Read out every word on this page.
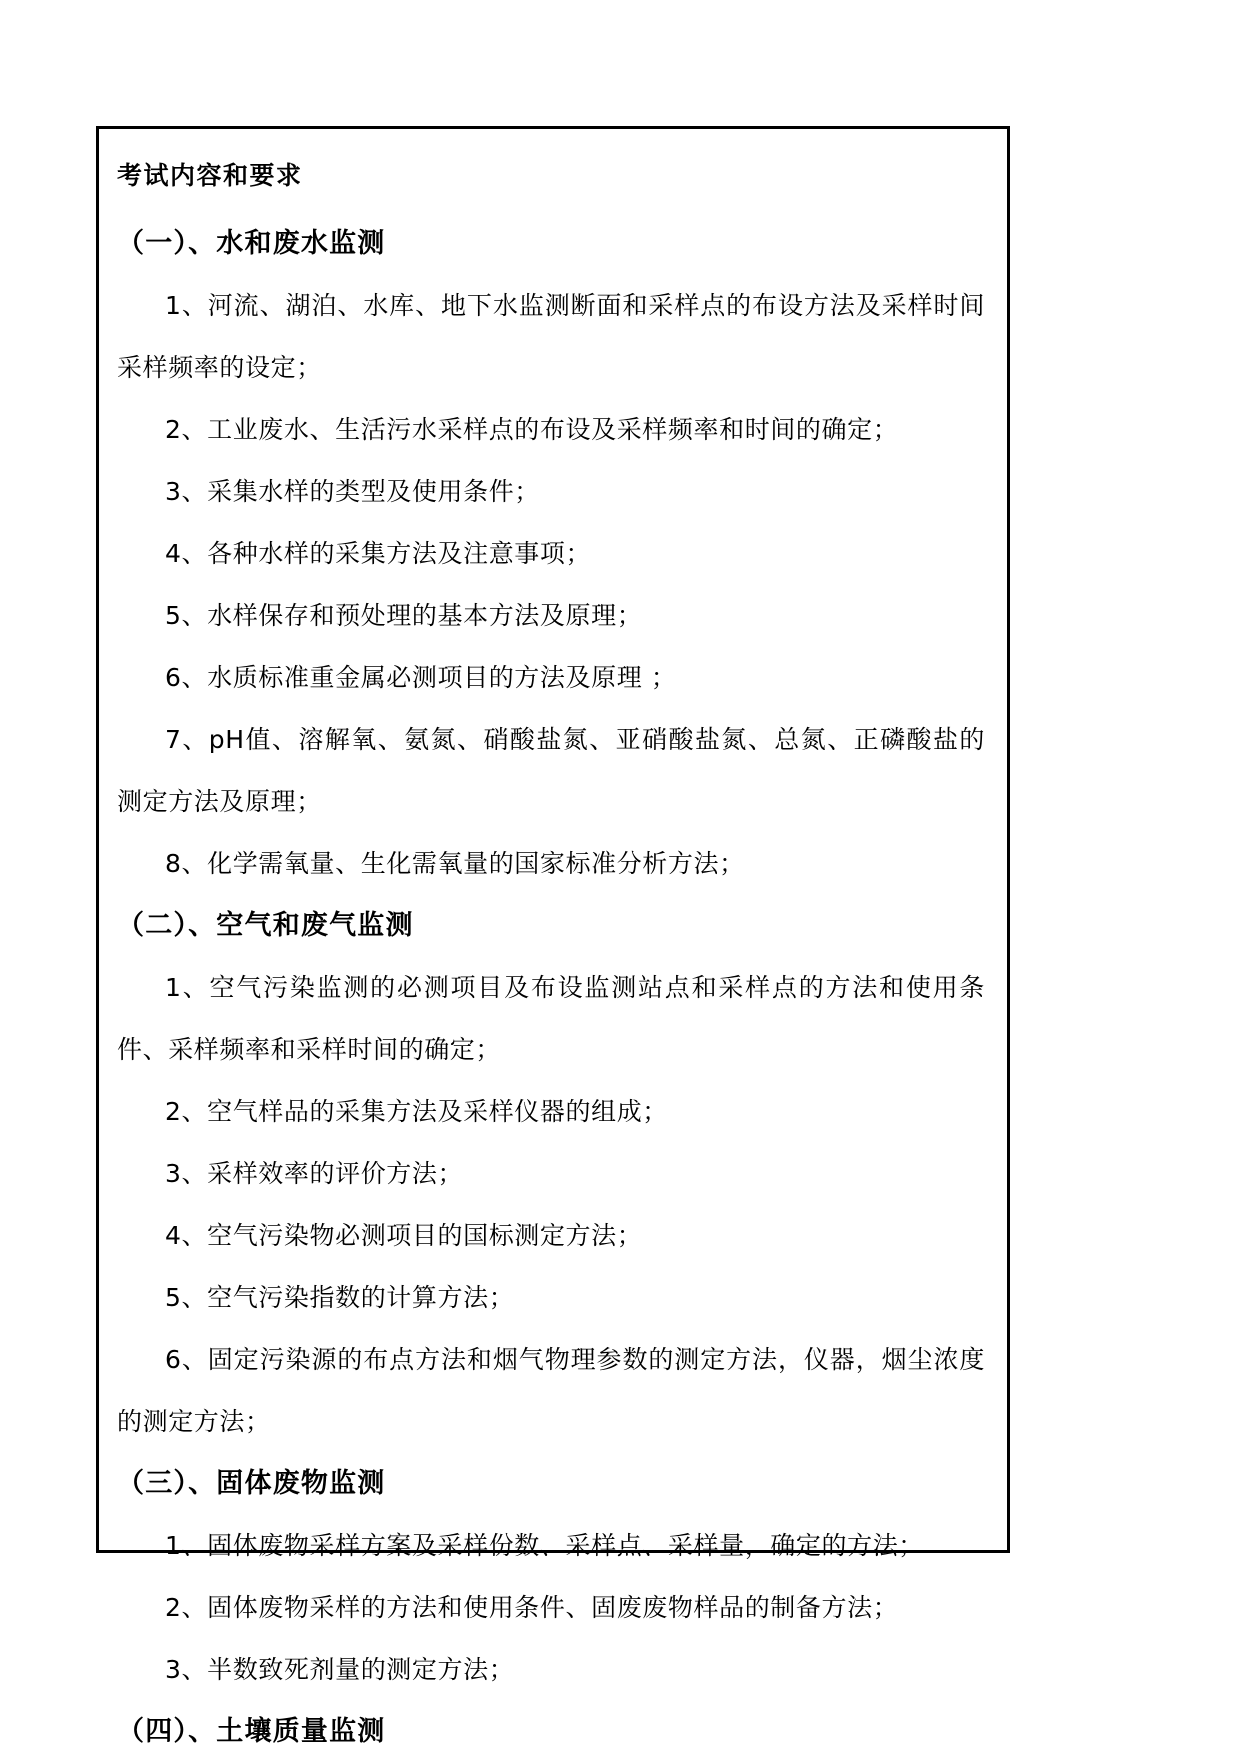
考试内容和要求
（一）、水和废水监测

1、河流、湖泊、水库、地下水监测断面和采样点的布设方法及采样时间采样频率的设定；

2、工业废水、生活污水采样点的布设及采样频率和时间的确定；

3、采集水样的类型及使用条件；

4、各种水样的采集方法及注意事项；

5、水样保存和预处理的基本方法及原理；

6、水质标准重金属必测项目的方法及原理 ；

7、pH值、溶解氧、氨氮、硝酸盐氮、亚硝酸盐氮、总氮、正磷酸盐的测定方法及原理；

8、化学需氧量、生化需氧量的国家标准分析方法；

（二）、空气和废气监测

1、空气污染监测的必测项目及布设监测站点和采样点的方法和使用条件、采样频率和采样时间的确定；

2、空气样品的采集方法及采样仪器的组成；

3、采样效率的评价方法；

4、空气污染物必测项目的国标测定方法；

5、空气污染指数的计算方法；

6、固定污染源的布点方法和烟气物理参数的测定方法，仪器，烟尘浓度的测定方法；

（三）、固体废物监测

1、固体废物采样方案及采样份数、采样点、采样量，确定的方法；

2、固体废物采样的方法和使用条件、固废废物样品的制备方法；

3、半数致死剂量的测定方法；

（四）、土壤质量监测
